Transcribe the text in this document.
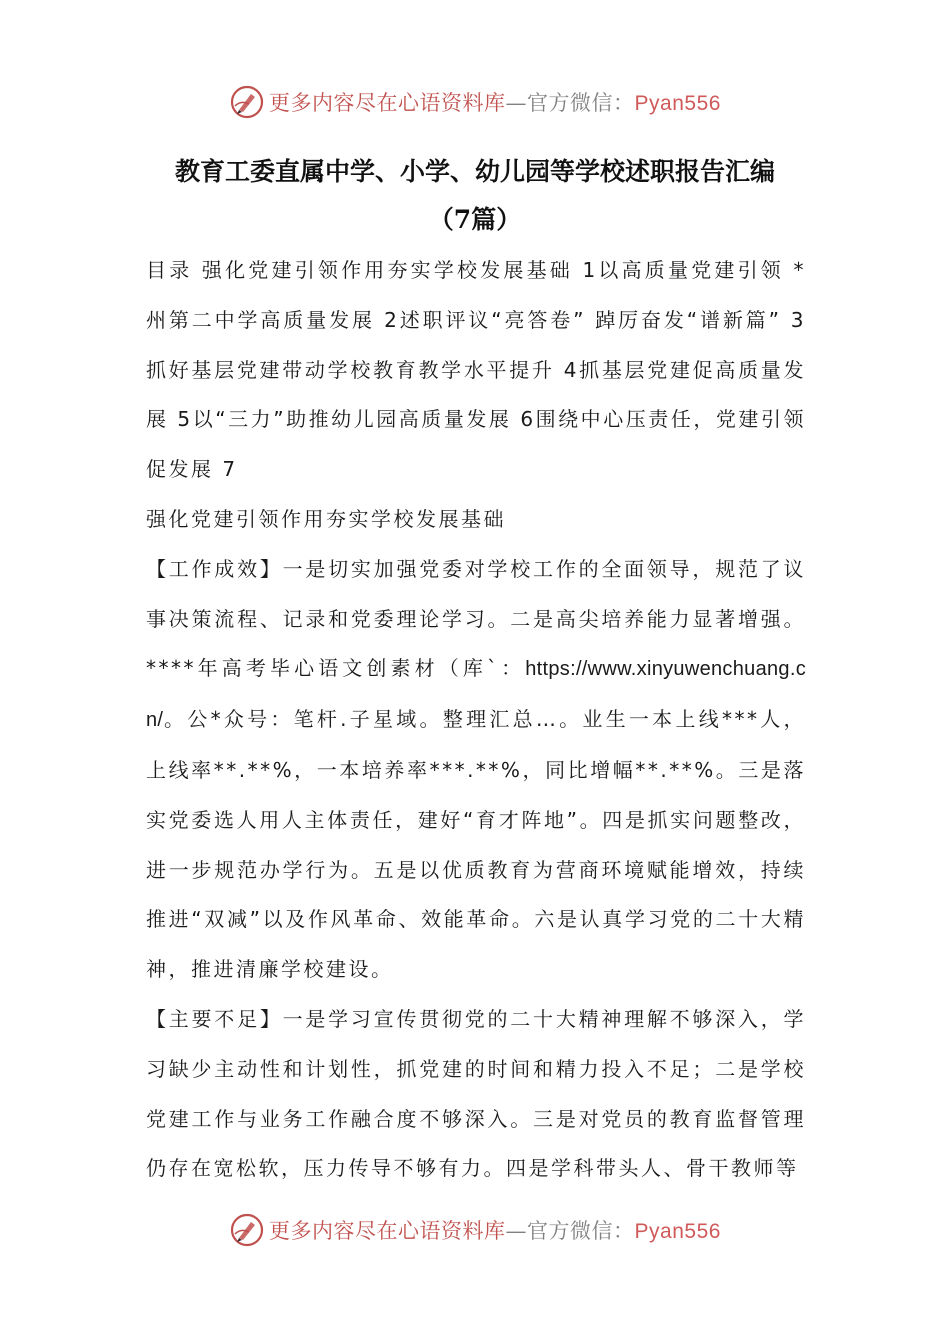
更多内容尽在心语资料库—官方微信：Pyan556
教育工委直属中学、小学、幼儿园等学校述职报告汇编
（7篇）

目录 强化党建引领作用夯实学校发展基础 1以高质量党建引领 *州第二中学高质量发展 2述职评议“亮答卷” 踔厉奋发“谱新篇” 3抓好基层党建带动学校教育教学水平提升 4抓基层党建促高质量发展 5以“三力”助推幼儿园高质量发展 6围绕中心压责任，党建引领促发展 7

强化党建引领作用夯实学校发展基础

【工作成效】一是切实加强党委对学校工作的全面领导，规范了议事决策流程、记录和党委理论学习。二是高尖培养能力显著增强。****年高考毕心语文创素材（库`：https://www.xinyuwenchuang.cn/。公*众号：笔杆.子星域。整理汇总…。业生一本上线***人，上线率**.**%，一本培养率***.**%，同比增幅**.**%。三是落实党委选人用人主体责任，建好“育才阵地”。四是抓实问题整改，进一步规范办学行为。五是以优质教育为营商环境赋能增效，持续推进“双减”以及作风革命、效能革命。六是认真学习党的二十大精神，推进清廉学校建设。

【主要不足】一是学习宣传贯彻党的二十大精神理解不够深入，学习缺少主动性和计划性，抓党建的时间和精力投入不足；二是学校党建工作与业务工作融合度不够深入。三是对党员的教育监督管理仍存在宽松软，压力传导不够有力。四是学科带头人、骨干教师等

更多内容尽在心语资料库—官方微信：Pyan556
